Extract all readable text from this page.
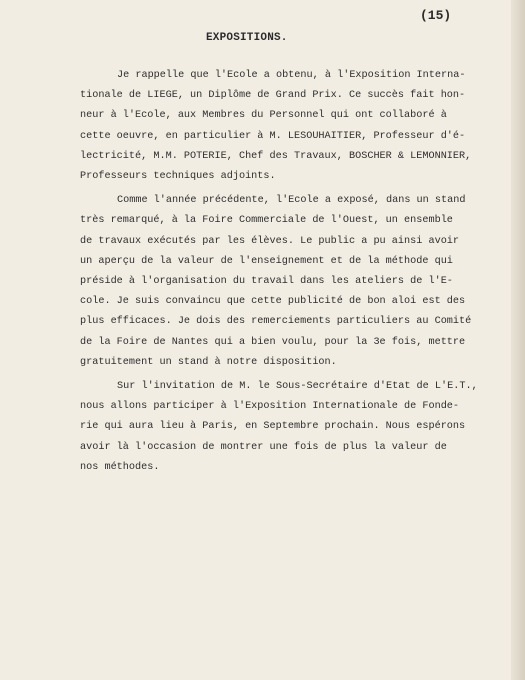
(15)

EXPOSITIONS.

Je rappelle que l'Ecole a obtenu, à l'Exposition Interna-
tionale de LIEGE, un Diplôme de Grand Prix. Ce succès fait hon-
neur à l'Ecole, aux Membres du Personnel qui ont collaboré à
cette oeuvre, en particulier à M. LESOUHAITIER, Professeur d'é-
lectricité, M.M. POTERIE, Chef des Travaux, BOSCHER & LEMONNIER,
Professeurs techniques adjoints.

Comme l'année précédente, l'Ecole a exposé, dans un stand
très remarqué, à la Foire Commerciale de l'Ouest, un ensemble
de travaux exécutés par les élèves. Le public a pu ainsi avoir
un aperçu de la valeur de l'enseignement et de la méthode qui
préside à l'organisation du travail dans les ateliers de l'E-
cole. Je suis convaincu que cette publicité de bon aloi est des
plus efficaces. Je dois des remerciements particuliers au Comité
de la Foire de Nantes qui a bien voulu, pour la 3e fois, mettre
gratuitement un stand à notre disposition.

Sur l'invitation de M. le Sous-Secrétaire d'Etat de L'E.T.,
nous allons participer à l'Exposition Internationale de Fonde-
rie qui aura lieu à Paris, en Septembre prochain. Nous espérons
avoir là l'occasion de montrer une fois de plus la valeur de
nos méthodes.
